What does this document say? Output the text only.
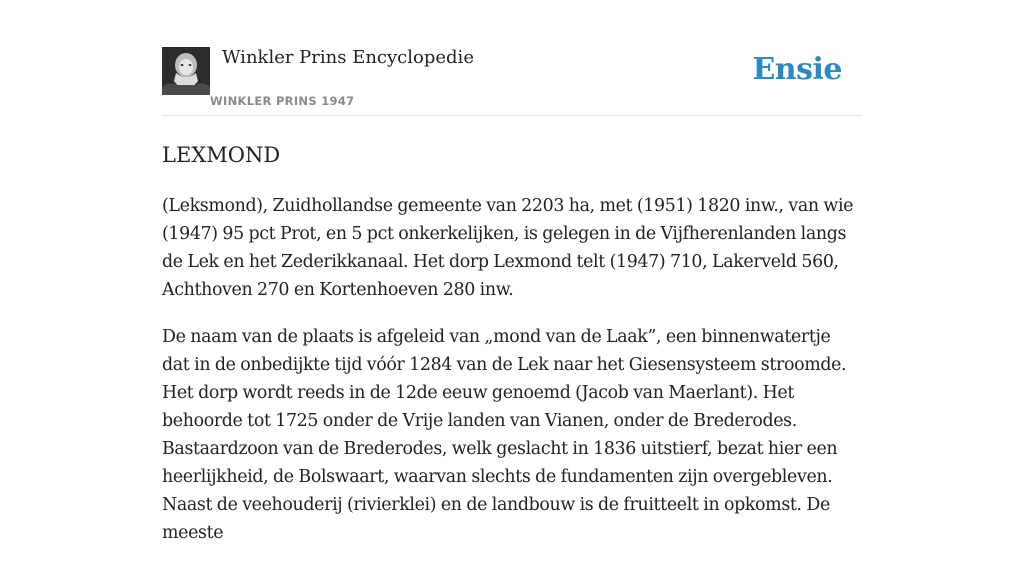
Winkler Prins Encyclopedie
WINKLER PRINS 1947
Ensie
LEXMOND

(Leksmond), Zuidhollandse gemeente van 2203 ha, met (1951) 1820 inw., van wie (1947) 95 pct Prot, en 5 pct onkerkelijken, is gelegen in de Vijfherenlanden langs de Lek en het Zederikkanaal. Het dorp Lexmond telt (1947) 710, Lakerveld 560, Achthoven 270 en Kortenhoeven 280 inw.

De naam van de plaats is afgeleid van „mond van de Laak”, een binnenwatertje dat in de onbedijkte tijd vóór 1284 van de Lek naar het Giesensysteem stroomde. Het dorp wordt reeds in de 12de eeuw genoemd (Jacob van Maerlant). Het behoorde tot 1725 onder de Vrije landen van Vianen, onder de Brederodes. Bastaardzoon van de Brederodes, welk geslacht in 1836 uitstierf, bezat hier een heerlijkheid, de Bolswaart, waarvan slechts de fundamenten zijn overgebleven. Naast de veehouderij (rivierklei) en de landbouw is de fruitteelt in opkomst. De meeste
